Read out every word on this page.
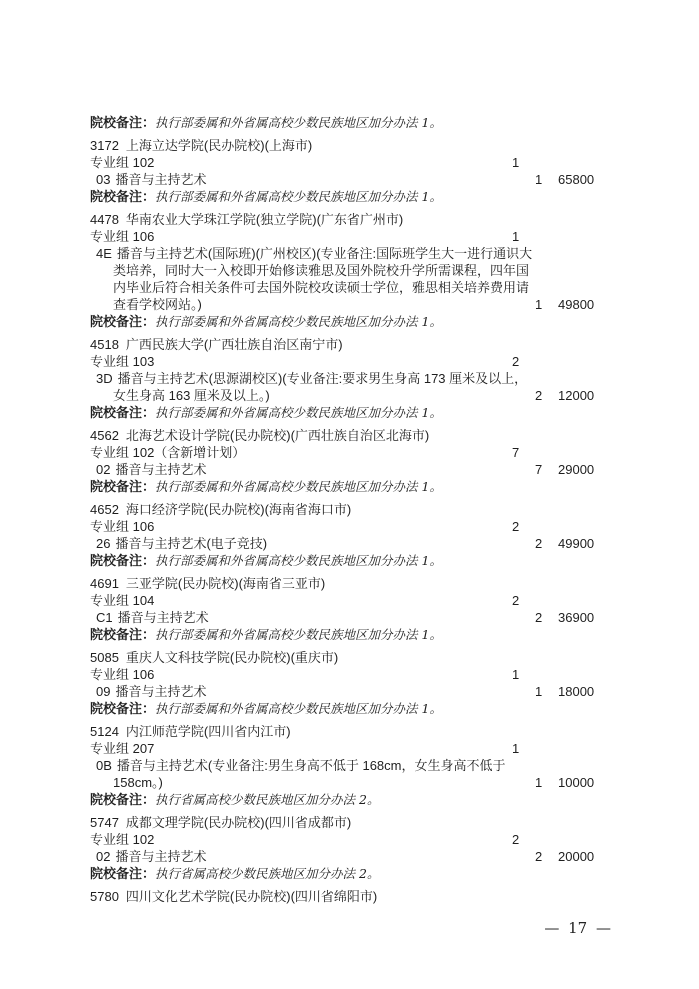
院校备注：执行部委属和外省属高校少数民族地区加分办法 1。
3172 上海立达学院(民办院校)(上海市)
专业组 102	1
03 播音与主持艺术	1	65800
院校备注：执行部委属和外省属高校少数民族地区加分办法 1。
4478 华南农业大学珠江学院(独立学院)(广东省广州市)
专业组 106	1
4E 播音与主持艺术(国际班)(广州校区)(专业备注:国际班学生大一进行通识大类培养，同时大一入校即开始修读雅思及国外院校升学所需课程，四年国内毕业后符合相关条件可去国外院校攻读硕士学位，雅思相关培养费用请查看学校网站。)	1	49800
院校备注：执行部委属和外省属高校少数民族地区加分办法 1。
4518 广西民族大学(广西壮族自治区南宁市)
专业组 103	2
3D 播音与主持艺术(思源湖校区)(专业备注:要求男生身高 173 厘米及以上，女生身高 163 厘米及以上。)	2	12000
院校备注：执行部委属和外省属高校少数民族地区加分办法 1。
4562 北海艺术设计学院(民办院校)(广西壮族自治区北海市)
专业组 102（含新增计划）	7
02 播音与主持艺术	7	29000
院校备注：执行部委属和外省属高校少数民族地区加分办法 1。
4652 海口经济学院(民办院校)(海南省海口市)
专业组 106	2
26 播音与主持艺术(电子竞技)	2	49900
院校备注：执行部委属和外省属高校少数民族地区加分办法 1。
4691 三亚学院(民办院校)(海南省三亚市)
专业组 104	2
C1 播音与主持艺术	2	36900
院校备注：执行部委属和外省属高校少数民族地区加分办法 1。
5085 重庆人文科技学院(民办院校)(重庆市)
专业组 106	1
09 播音与主持艺术	1	18000
院校备注：执行部委属和外省属高校少数民族地区加分办法 1。
5124 内江师范学院(四川省内江市)
专业组 207	1
0B 播音与主持艺术(专业备注:男生身高不低于 168cm，女生身高不低于 158cm。)	1	10000
院校备注：执行省属高校少数民族地区加分办法 2。
5747 成都文理学院(民办院校)(四川省成都市)
专业组 102	2
02 播音与主持艺术	2	20000
院校备注：执行省属高校少数民族地区加分办法 2。
5780 四川文化艺术学院(民办院校)(四川省绵阳市)
— 17 —
